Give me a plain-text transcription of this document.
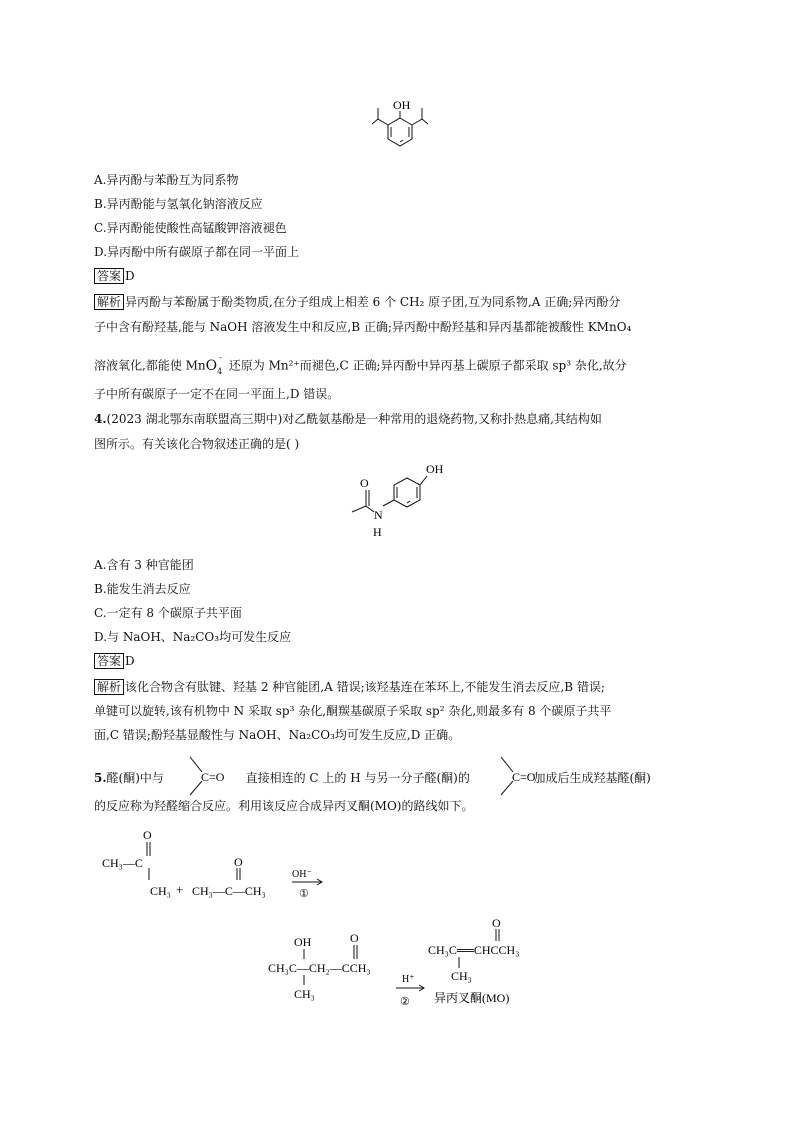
OH
A.异丙酚与苯酚互为同系物
B.异丙酚能与氢氧化钠溶液反应
C.异丙酚能使酸性高锰酸钾溶液褪色
D.异丙酚中所有碳原子都在同一平面上
答案 D
解析 异丙酚与苯酚属于酚类物质,在分子组成上相差 6 个 CH₂ 原子团,互为同系物,A 正确;异丙酚分
子中含有酚羟基,能与 NaOH 溶液发生中和反应,B 正确;异丙酚中酚羟基和异丙基都能被酸性 KMnO₄
溶液氧化,都能使 MnO$_4$- 还原为 Mn²⁺而褪色,C 正确;异丙酚中异丙基上碳原子都采取 sp³ 杂化,故分
子中所有碳原子一定不在同一平面上,D 错误。
4.(2023 湖北鄂东南联盟高三期中)对乙酰氨基酚是一种常用的退烧药物,又称扑热息痛,其结构如
图所示。有关该化合物叙述正确的是( )
OH
O
N
H
A.含有 3 种官能团
B.能发生消去反应
C.一定有 8 个碳原子共平面
D.与 NaOH、Na₂CO₃均可发生反应
答案 D
解析 该化合物含有肽键、羟基 2 种官能团,A 错误;该羟基连在苯环上,不能发生消去反应,B 错误;
单键可以旋转,该有机物中 N 采取 sp³ 杂化,酮羰基碳原子采取 sp² 杂化,则最多有 8 个碳原子共平
面,C 错误;酚羟基显酸性与 NaOH、Na₂CO₃均可发生反应,D 正确。
5.醛(酮)中与	直接相连的 C 上的 H 与另一分子醛(酮)的	加成后生成羟基醛(酮)
C=O	C=O
的反应称为羟醛缩合反应。利用该反应合成异丙叉酮(MO)的路线如下。
O
CH₃—C
CH₃ +
O
CH₃—C—CH₃
OH⁻
①
OH	O
CH₃C—CH₂—CCH₃
CH₃
H⁺
②
O
CH₃C══CHCCH₃
CH₃
异丙叉酮(MO)
